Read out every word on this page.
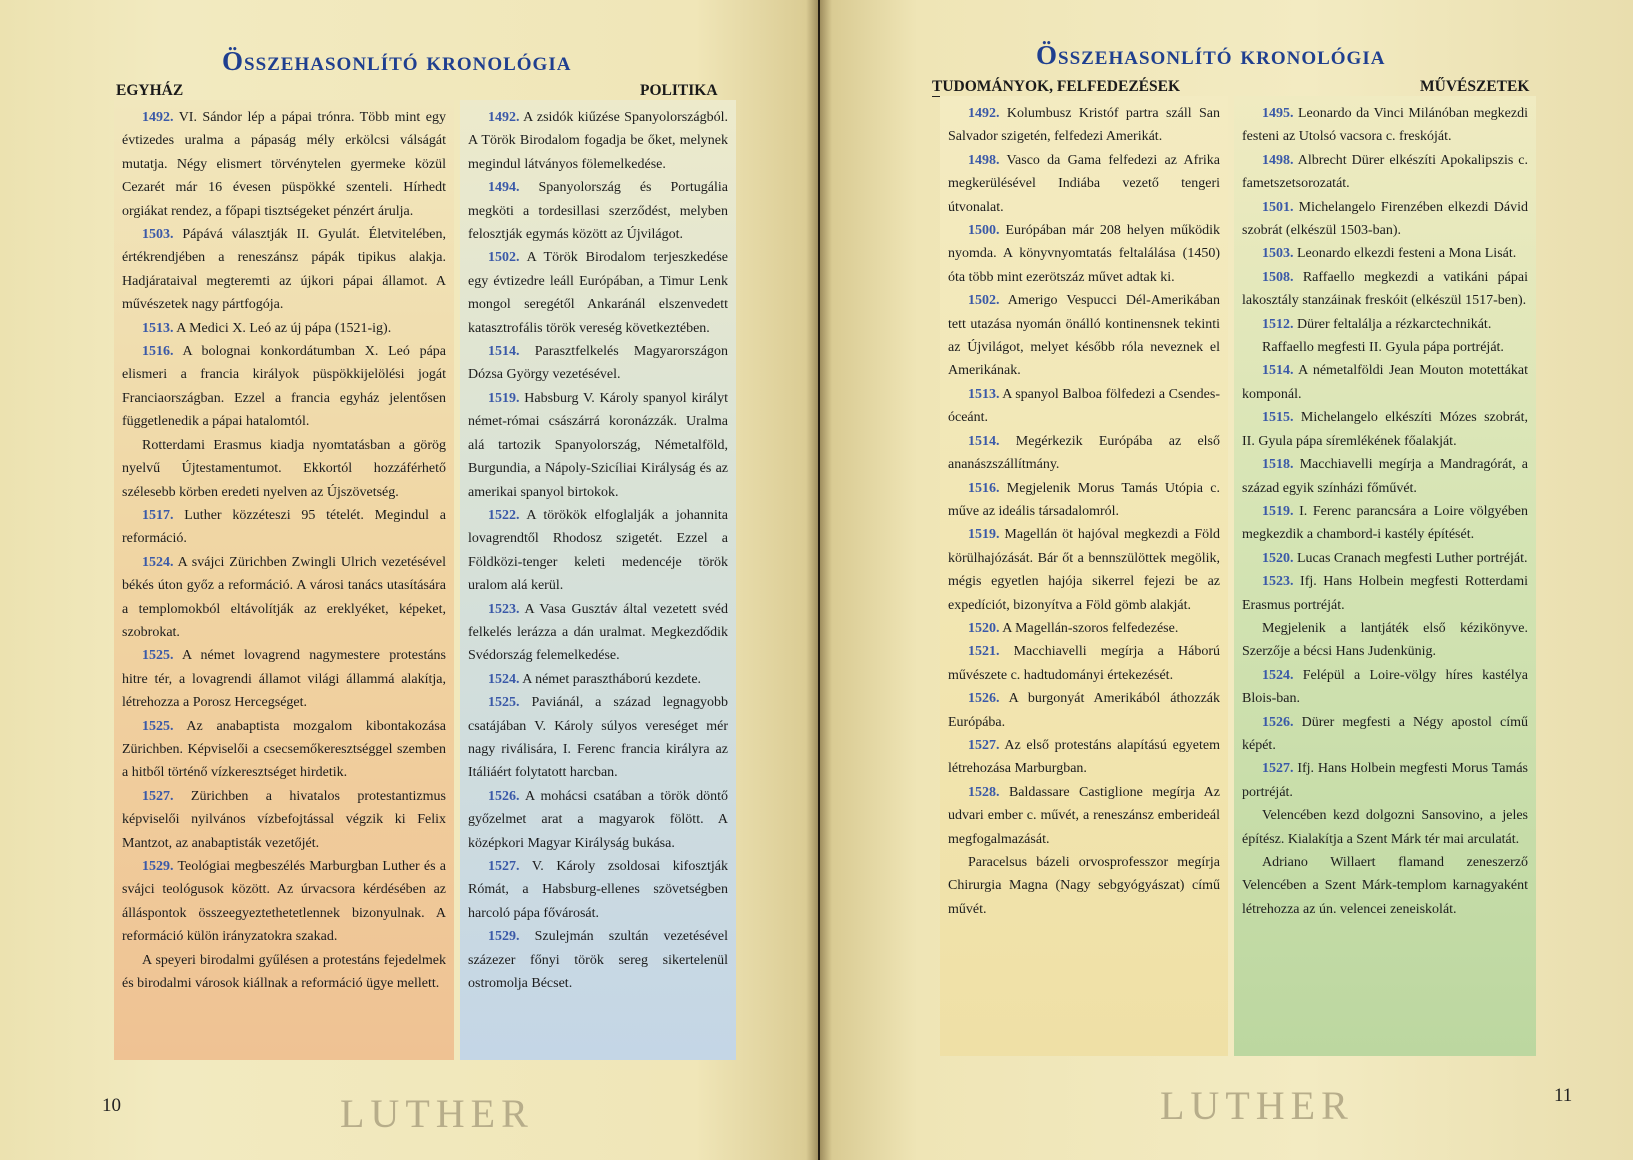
Összehasonlító kronológia
EGYHÁZ	POLITIKA

1492. VI. Sándor lép a pápai trónra. Több mint egy évtizedes uralma a pápaság mély erkölcsi válságát mutatja. Négy elismert törvénytelen gyermeke közül Cezarét már 16 évesen püspökké szenteli. Hírhedt orgiákat rendez, a főpapi tisztségeket pénzért árulja.

1503. Pápává választják II. Gyulát. Életvitelében, értékrendjében a reneszánsz pápák tipikus alakja. Hadjárataival megteremti az újkori pápai államot. A művészetek nagy pártfogója.

1513. A Medici X. Leó az új pápa (1521-ig).

1516. A bolognai konkordátumban X. Leó pápa elismeri a francia királyok püspökkijelölési jogát Franciaországban. Ezzel a francia egyház jelentősen függetlenedik a pápai hatalomtól.

Rotterdami Erasmus kiadja nyomtatásban a görög nyelvű Újtestamentumot. Ekkortól hozzáférhető szélesebb körben eredeti nyelven az Újszövetség.

1517. Luther közzéteszi 95 tételét. Megindul a reformáció.

1524. A svájci Zürichben Zwingli Ulrich vezetésével békés úton győz a reformáció. A városi tanács utasítására a templomokból eltávolítják az ereklyéket, képeket, szobrokat.

1525. A német lovagrend nagymestere protestáns hitre tér, a lovagrendi államot világi állammá alakítja, létrehozza a Porosz Hercegséget.

1525. Az anabaptista mozgalom kibontakozása Zürichben. Képviselői a csecsemőkeresztséggel szemben a hitből történő vízkeresztséget hirdetik.

1527. Zürichben a hivatalos protestantizmus képviselői nyilvános vízbefojtással végzik ki Felix Mantzot, az anabaptisták vezetőjét.

1529. Teológiai megbeszélés Marburgban Luther és a svájci teológusok között. Az úrvacsora kérdésében az álláspontok összeegyeztethetetlennek bizonyulnak. A reformáció külön irányzatokra szakad.

A speyeri birodalmi gyűlésen a protestáns fejedelmek és birodalmi városok kiállnak a reformáció ügye mellett.

1492. A zsidók kiűzése Spanyolországból. A Török Birodalom fogadja be őket, melynek megindul látványos fölemelkedése.

1494. Spanyolország és Portugália megköti a tordesillasi szerződést, melyben felosztják egymás között az Újvilágot.

1502. A Török Birodalom terjeszkedése egy évtizedre leáll Európában, a Timur Lenk mongol seregétől Ankaránál elszenvedett katasztrofális török vereség következtében.

1514. Parasztfelkelés Magyarországon Dózsa György vezetésével.

1519. Habsburg V. Károly spanyol királyt német-római császárrá koronázzák. Uralma alá tartozik Spanyolország, Németalföld, Burgundia, a Nápoly-Szicíliai Királyság és az amerikai spanyol birtokok.

1522. A törökök elfoglalják a johannita lovagrendtől Rhodosz szigetét. Ezzel a Földközi-tenger keleti medencéje török uralom alá kerül.

1523. A Vasa Gusztáv által vezetett svéd felkelés lerázza a dán uralmat. Megkezdődik Svédország felemelkedése.

1524. A német parasztháború kezdete.

1525. Paviánál, a század legnagyobb csatájában V. Károly súlyos vereséget mér nagy riválisára, I. Ferenc francia királyra az Itáliáért folytatott harcban.

1526. A mohácsi csatában a török döntő győzelmet arat a magyarok fölött. A középkori Magyar Királyság bukása.

1527. V. Károly zsoldosai kifosztják Rómát, a Habsburg-ellenes szövetségben harcoló pápa fővárosát.

1529. Szulejmán szultán vezetésével százezer főnyi török sereg sikertelenül ostromolja Bécset.

10	LUTHER
Összehasonlító kronológia
TUDOMÁNYOK, FELFEDEZÉSEK	MŰVÉSZETEK

1492. Kolumbusz Kristóf partra száll San Salvador szigetén, felfedezi Amerikát.

1498. Vasco da Gama felfedezi az Afrika megkerülésével Indiába vezető tengeri útvonalat.

1500. Európában már 208 helyen működik nyomda. A könyvnyomtatás feltalálása (1450) óta több mint ezerötszáz művet adtak ki.

1502. Amerigo Vespucci Dél-Amerikában tett utazása nyomán önálló kontinensnek tekinti az Újvilágot, melyet később róla neveznek el Amerikának.

1513. A spanyol Balboa fölfedezi a Csendes-óceánt.

1514. Megérkezik Európába az első ananászszállítmány.

1516. Megjelenik Morus Tamás Utópia c. műve az ideális társadalomról.

1519. Magellán öt hajóval megkezdi a Föld körülhajózását. Bár őt a bennszülöttek megölik, mégis egyetlen hajója sikerrel fejezi be az expedíciót, bizonyítva a Föld gömb alakját.

1520. A Magellán-szoros felfedezése.

1521. Macchiavelli megírja a Háború művészete c. hadtudományi értekezését.

1526. A burgonyát Amerikából áthozzák Európába.

1527. Az első protestáns alapítású egyetem létrehozása Marburgban.

1528. Baldassare Castiglione megírja Az udvari ember c. művét, a reneszánsz emberideál megfogalmazását.

Paracelsus bázeli orvosprofesszor megírja Chirurgia Magna (Nagy sebgyógyászat) című művét.

1495. Leonardo da Vinci Milánóban megkezdi festeni az Utolsó vacsora c. freskóját.

1498. Albrecht Dürer elkészíti Apokalipszis c. fametszetsorozatát.

1501. Michelangelo Firenzében elkezdi Dávid szobrát (elkészül 1503-ban).

1503. Leonardo elkezdi festeni a Mona Lisát.

1508. Raffaello megkezdi a vatikáni pápai lakosztály stanzáinak freskóit (elkészül 1517-ben).

1512. Dürer feltalálja a rézkarctechnikát.

Raffaello megfesti II. Gyula pápa portréját.

1514. A németalföldi Jean Mouton motettákat komponál.

1515. Michelangelo elkészíti Mózes szobrát, II. Gyula pápa síremlékének főalakját.

1518. Macchiavelli megírja a Mandragórát, a század egyik színházi főművét.

1519. I. Ferenc parancsára a Loire völgyében megkezdik a chambord-i kastély építését.

1520. Lucas Cranach megfesti Luther portréját.

1523. Ifj. Hans Holbein megfesti Rotterdami Erasmus portréját.

Megjelenik a lantjáték első kézikönyve. Szerzője a bécsi Hans Judenkünig.

1524. Felépül a Loire-völgy híres kastélya Blois-ban.

1526. Dürer megfesti a Négy apostol című képét.

1527. Ifj. Hans Holbein megfesti Morus Tamás portréját.

Velencében kezd dolgozni Sansovino, a jeles építész. Kialakítja a Szent Márk tér mai arculatát.

Adriano Willaert flamand zeneszerző Velencében a Szent Márk-templom karnagyaként létrehozza az ún. velencei zeneiskolát.

11
LUTHER
